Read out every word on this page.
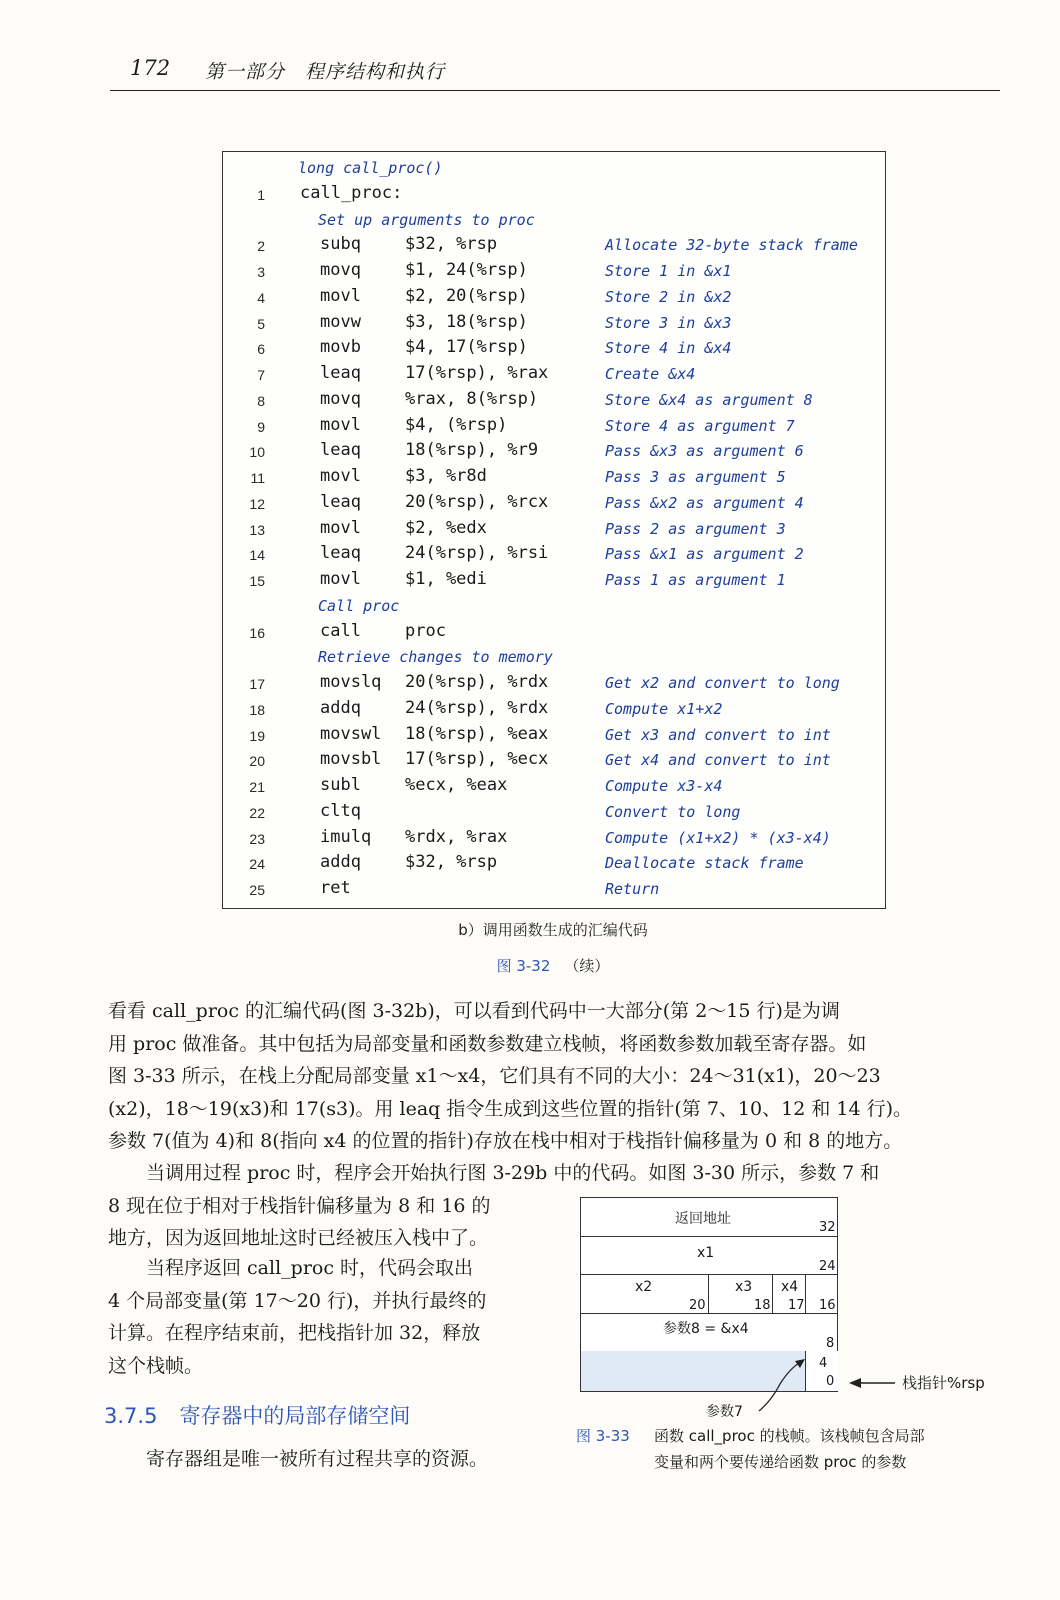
172 第一部分　程序结构和执行
long call_proc()
1 call_proc:
Set up arguments to proc
2	subq	$32, %rsp	Allocate 32-byte stack frame
3	movq	$1, 24(%rsp)	Store 1 in &x1
4	movl	$2, 20(%rsp)	Store 2 in &x2
5	movw	$3, 18(%rsp)	Store 3 in &x3
6	movb	$4, 17(%rsp)	Store 4 in &x4
7	leaq	17(%rsp), %rax	Create &x4
8	movq	%rax, 8(%rsp)	Store &x4 as argument 8
9	movl	$4, (%rsp)	Store 4 as argument 7
10	leaq	18(%rsp), %r9	Pass &x3 as argument 6
11	movl	$3, %r8d	Pass 3 as argument 5
12	leaq	20(%rsp), %rcx	Pass &x2 as argument 4
13	movl	$2, %edx	Pass 2 as argument 3
14	leaq	24(%rsp), %rsi	Pass &x1 as argument 2
15	movl	$1, %edi	Pass 1 as argument 1
Call proc
16	call	proc
Retrieve changes to memory
17	movslq 20(%rsp), %rdx	Get x2 and convert to long
18	addq	24(%rsp), %rdx	Compute x1+x2
19	movswl 18(%rsp), %eax	Get x3 and convert to int
20	movsbl 17(%rsp), %ecx	Get x4 and convert to int
21	subl	%ecx, %eax	Compute x3-x4
22	cltq	Convert to long
23	imulq %rdx, %rax	Compute (x1+x2) * (x3-x4)
24	addq	$32, %rsp	Deallocate stack frame
25	ret	Return
b）调用函数生成的汇编代码
图 3-32 （续）
看看 call_proc 的汇编代码(图 3-32b)，可以看到代码中一大部分(第 2～15 行)是为调
用 proc 做准备。其中包括为局部变量和函数参数建立栈帧，将函数参数加载至寄存器。如
图 3-33 所示，在栈上分配局部变量 x1～x4，它们具有不同的大小：24～31(x1)，20～23
(x2)，18～19(x3)和 17(s3)。用 leaq 指令生成到这些位置的指针(第 7、10、12 和 14 行)。
参数 7(值为 4)和 8(指向 x4 的位置的指针)存放在栈中相对于栈指针偏移量为 0 和 8 的地方。
　　当调用过程 proc 时，程序会开始执行图 3-29b 中的代码。如图 3-30 所示，参数 7 和
8 现在位于相对于栈指针偏移量为 8 和 16 的
地方，因为返回地址这时已经被压入栈中了。
　　当程序返回 call_proc 时，代码会取出
4 个局部变量(第 17～20 行)，并执行最终的
计算。在程序结束前，把栈指针加 32，释放
这个栈帧。
　　寄存器组是唯一被所有过程共享的资源。
3.7.5 寄存器中的局部存储空间
返回地址
x1
x2	x3 x4
参数8 = &x4
32
24
20	18 17 16
8
4
0	栈指针%rsp
参数7
图 3-33 函数 call_proc 的栈帧。该栈帧包含局部
变量和两个要传递给函数 proc 的参数
